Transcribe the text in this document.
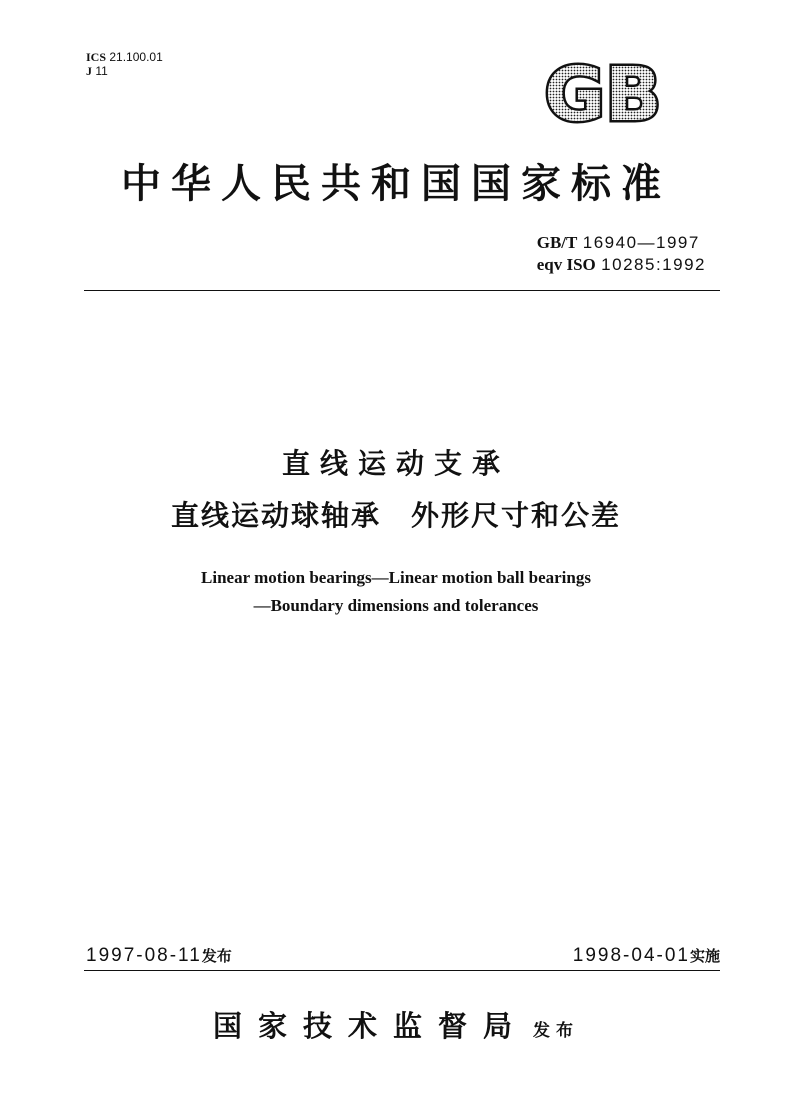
ICS 21.100.01
J 11	GB
中华人民共和国国家标准
GB/T 16940—1997
eqv ISO 10285:1992
直线运动支承
直线运动球轴承　外形尺寸和公差
Linear motion bearings—Linear motion ball bearings
—Boundary dimensions and tolerances
1997-08-11发布	1998-04-01实施
国家技术监督局 发布
